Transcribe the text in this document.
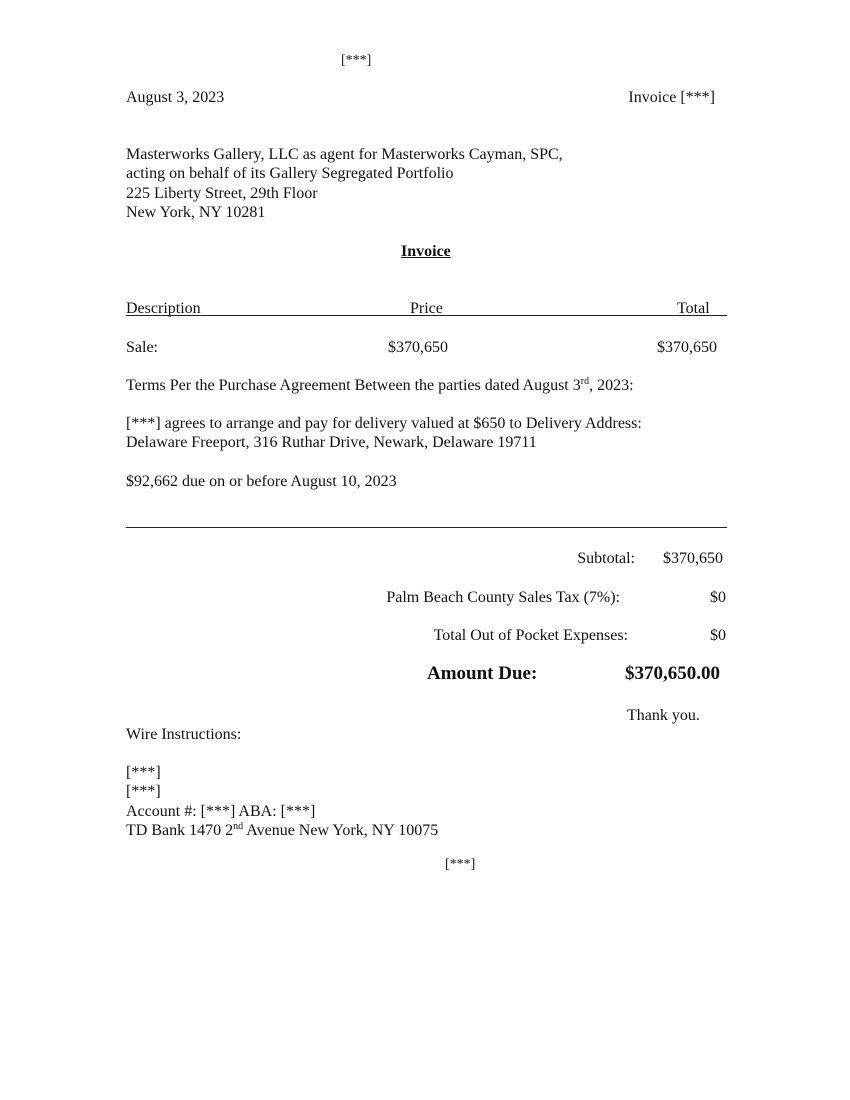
[***]
August 3, 2023	Invoice [***]
Masterworks Gallery, LLC as agent for Masterworks Cayman, SPC,
acting on behalf of its Gallery Segregated Portfolio
225 Liberty Street, 29th Floor
New York, NY 10281
Invoice
Description	Price	Total
Sale:	$370,650	$370,650
Terms Per the Purchase Agreement Between the parties dated August 3rd, 2023:
[***] agrees to arrange and pay for delivery valued at $650 to Delivery Address:
Delaware Freeport, 316 Ruthar Drive, Newark, Delaware 19711
$92,662 due on or before August 10, 2023
Subtotal: $370,650
Palm Beach County Sales Tax (7%):	$0
Total Out of Pocket Expenses:	$0
Amount Due:	$370,650.00
Thank you.
Wire Instructions:
[***]
[***]
Account #: [***] ABA: [***]
TD Bank 1470 2nd Avenue New York, NY 10075
[***]
